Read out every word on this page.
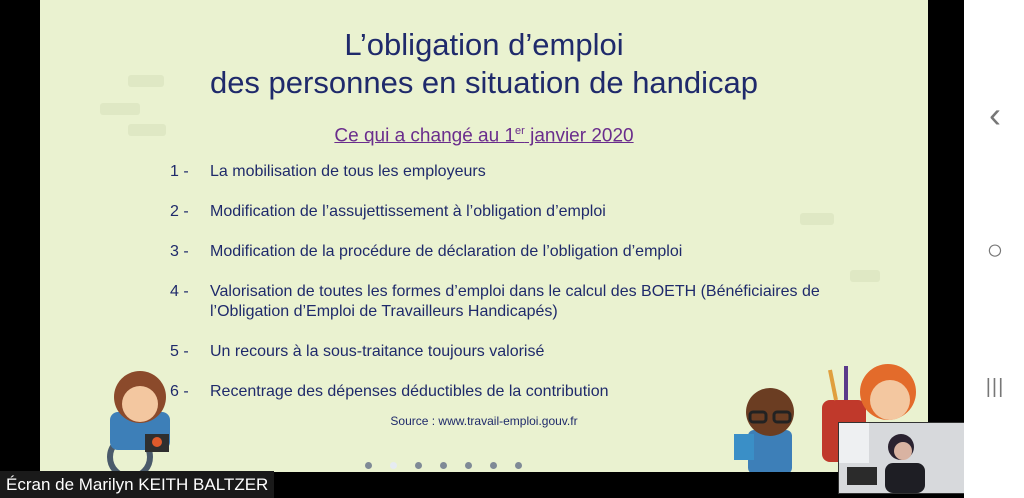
L’obligation d’emploi
des personnes en situation de handicap
Ce qui a changé au 1er janvier 2020
1 -	La mobilisation de tous les employeurs
2 -	Modification de l’assujettissement à l’obligation d’emploi
3 -	Modification de la procédure de déclaration de l’obligation d’emploi
4 -	Valorisation de toutes les formes d’emploi dans le calcul des BOETH (Bénéficiaires de l’Obligation d’Emploi de Travailleurs Handicapés)
5 -	Un recours à la sous-traitance toujours valorisé
6 -	Recentrage des dépenses déductibles de la contribution
Source : www.travail-emploi.gouv.fr
Écran de Marilyn KEITH BALTZER
‹
○
|||
